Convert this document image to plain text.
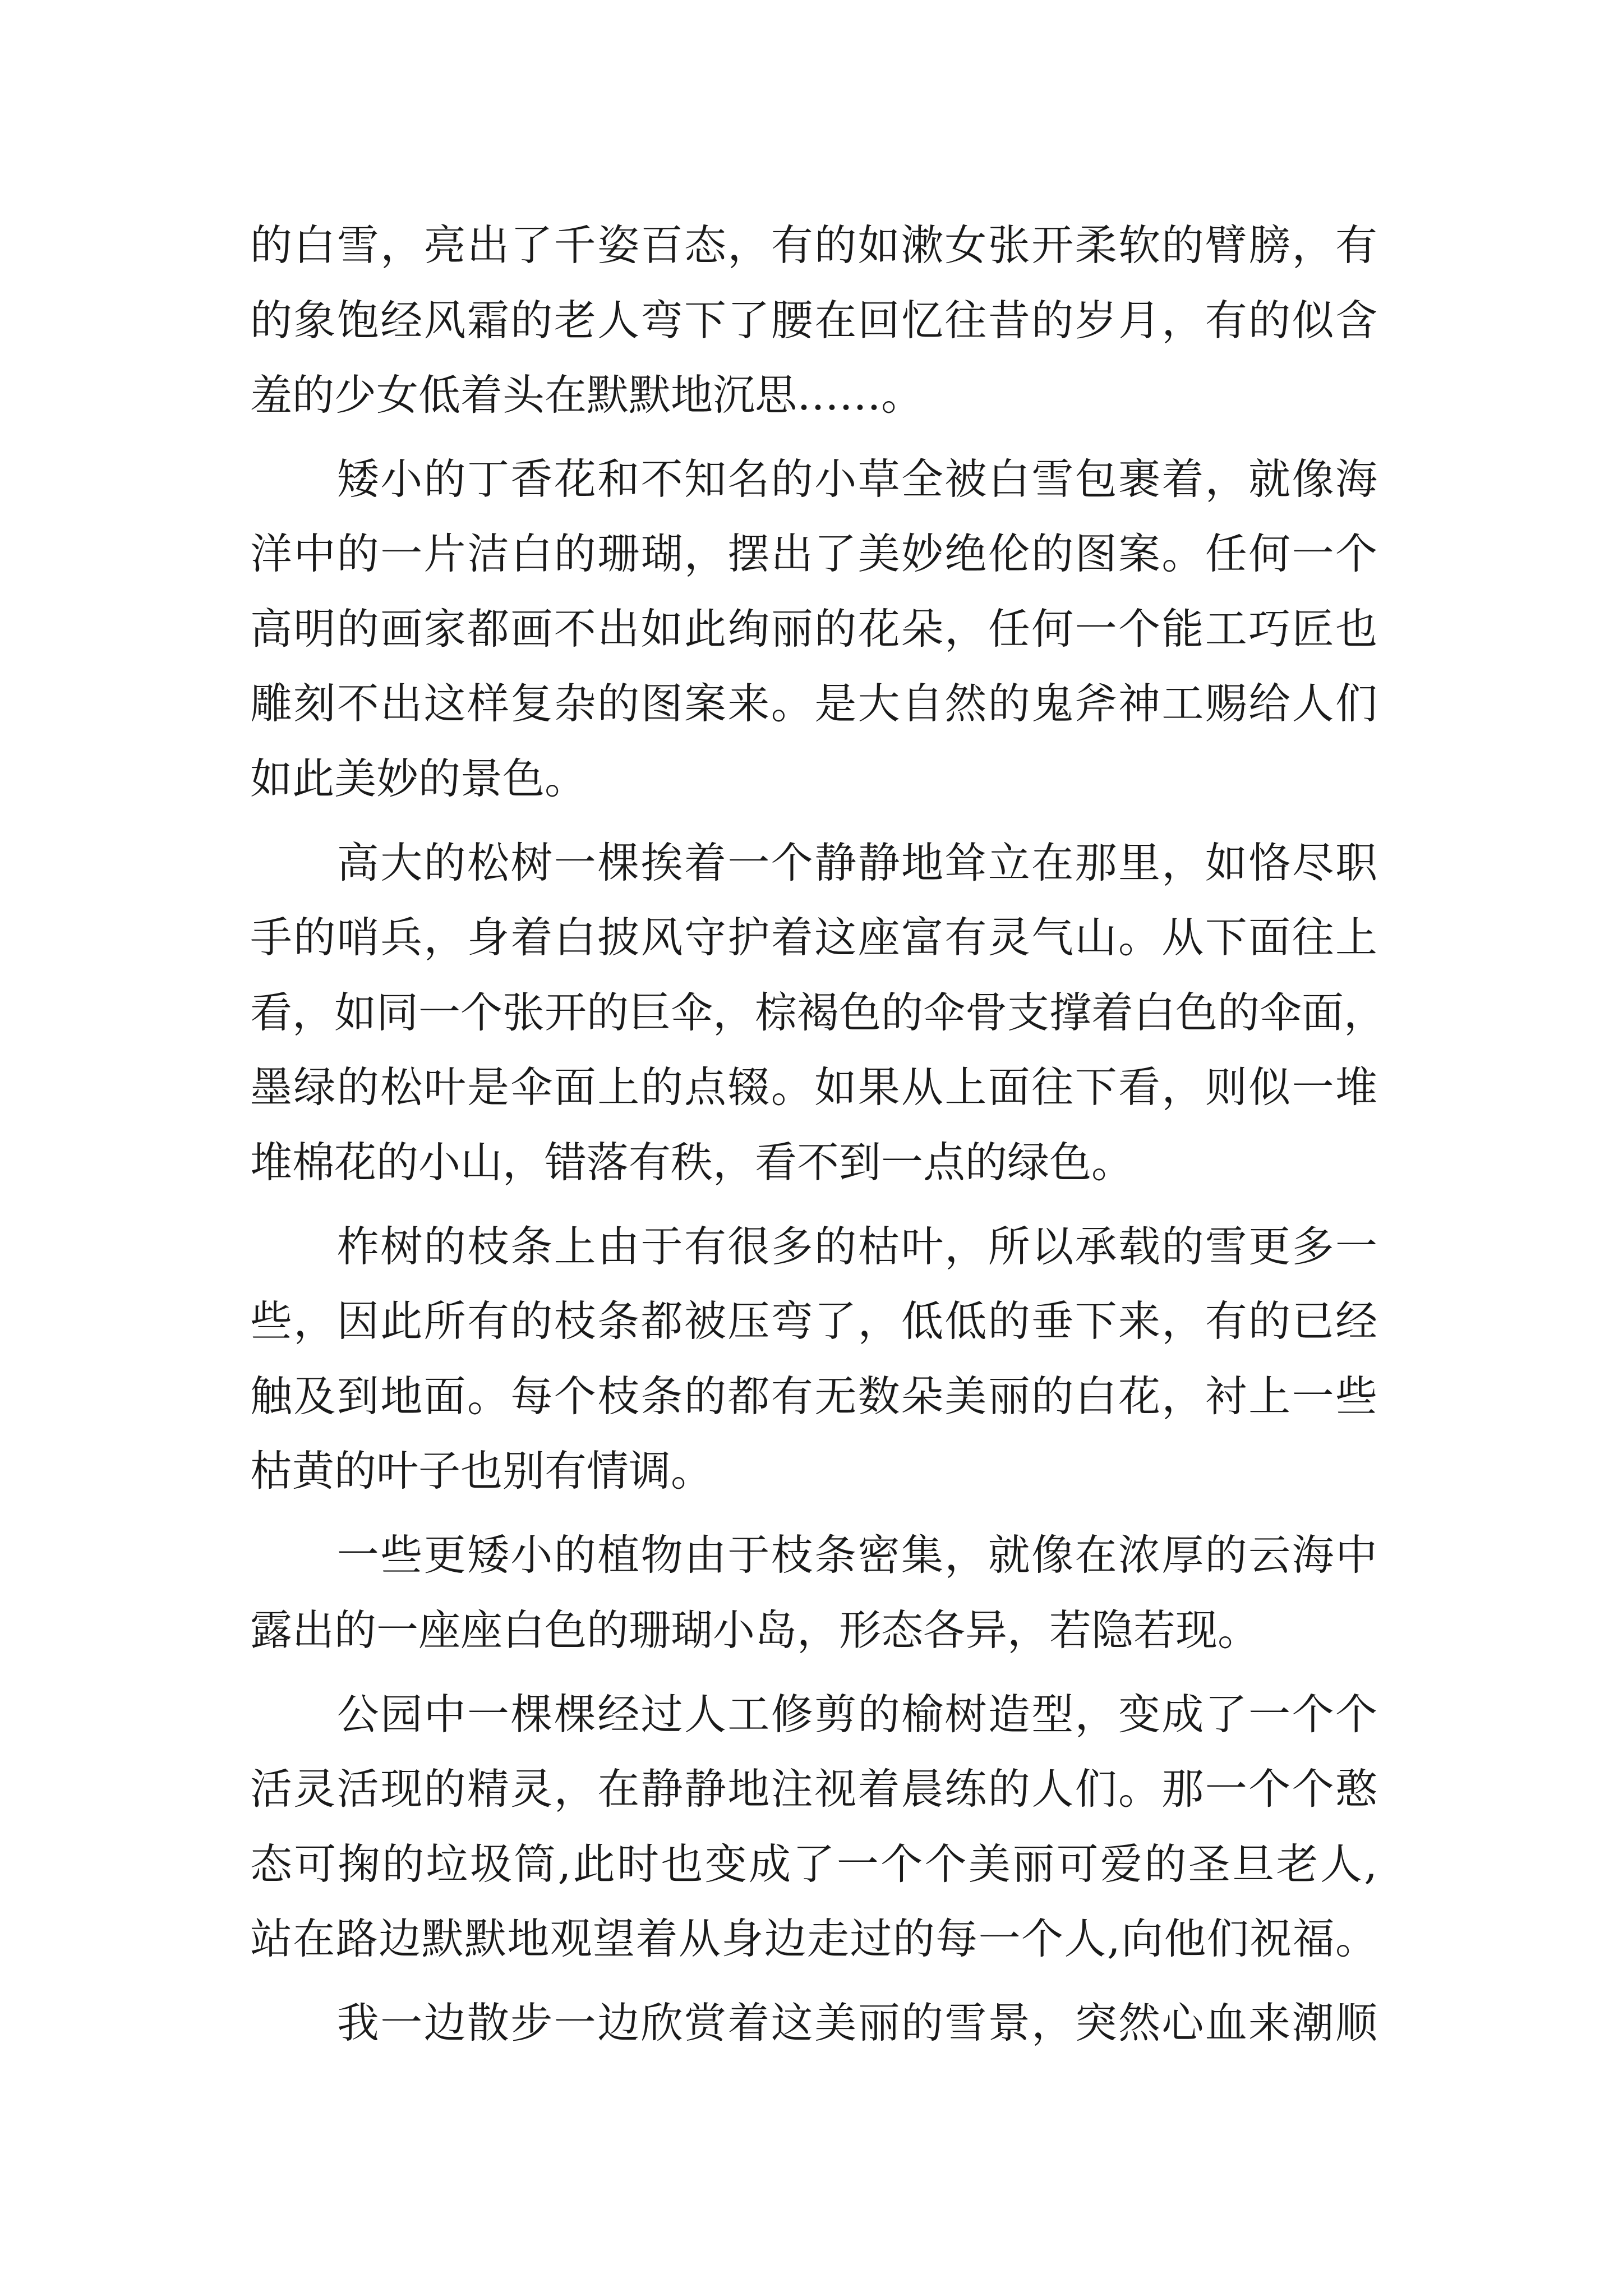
的白雪，亮出了千姿百态，有的如漱女张开柔软的臂膀，有
的象饱经风霜的老人弯下了腰在回忆往昔的岁月，有的似含
羞的少女低着头在默默地沉思……。
　　矮小的丁香花和不知名的小草全被白雪包裹着，就像海
洋中的一片洁白的珊瑚，摆出了美妙绝伦的图案。任何一个
高明的画家都画不出如此绚丽的花朵，任何一个能工巧匠也
雕刻不出这样复杂的图案来。是大自然的鬼斧神工赐给人们
如此美妙的景色。
　　高大的松树一棵挨着一个静静地耸立在那里，如恪尽职
手的哨兵，身着白披风守护着这座富有灵气山。从下面往上
看，如同一个张开的巨伞，棕褐色的伞骨支撑着白色的伞面，
墨绿的松叶是伞面上的点辍。如果从上面往下看，则似一堆
堆棉花的小山，错落有秩，看不到一点的绿色。
　　柞树的枝条上由于有很多的枯叶，所以承载的雪更多一
些，因此所有的枝条都被压弯了，低低的垂下来，有的已经
触及到地面。每个枝条的都有无数朵美丽的白花，衬上一些
枯黄的叶子也别有情调。
　　一些更矮小的植物由于枝条密集，就像在浓厚的云海中
露出的一座座白色的珊瑚小岛，形态各异，若隐若现。
　　公园中一棵棵经过人工修剪的榆树造型，变成了一个个
活灵活现的精灵，在静静地注视着晨练的人们。那一个个憨
态可掬的垃圾筒,此时也变成了一个个美丽可爱的圣旦老人,
站在路边默默地观望着从身边走过的每一个人,向他们祝福。
　　我一边散步一边欣赏着这美丽的雪景，突然心血来潮顺
